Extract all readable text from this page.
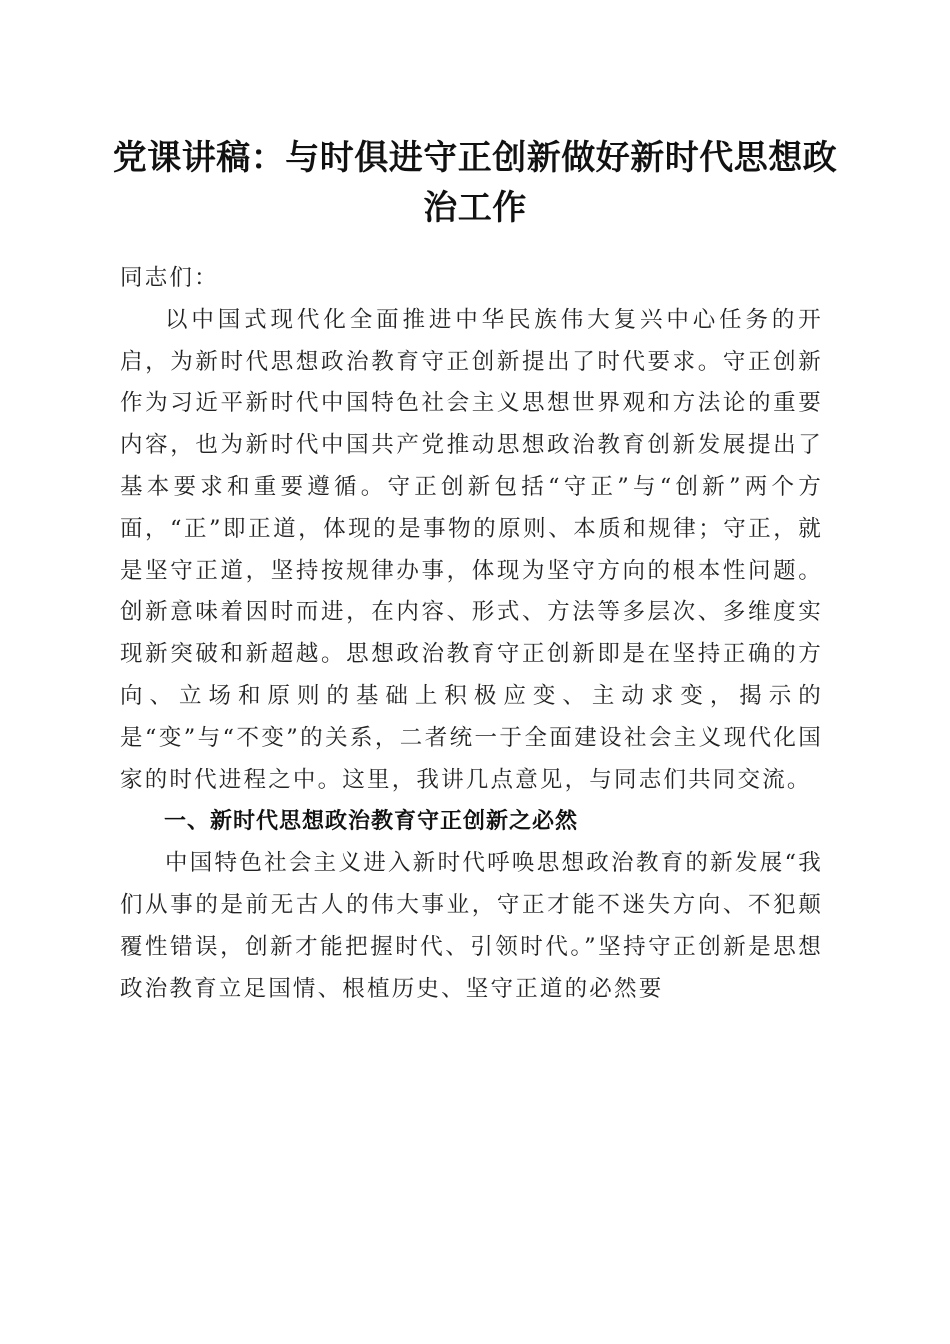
党课讲稿：与时俱进守正创新做好新时代思想政治工作

同志们：

以中国式现代化全面推进中华民族伟大复兴中心任务的开启，为新时代思想政治教育守正创新提出了时代要求。守正创新作为习近平新时代中国特色社会主义思想世界观和方法论的重要内容，也为新时代中国共产党推动思想政治教育创新发展提出了基本要求和重要遵循。守正创新包括“守正”与“创新”两个方面，“正”即正道，体现的是事物的原则、本质和规律；守正，就是坚守正道，坚持按规律办事，体现为坚守方向的根本性问题。创新意味着因时而进，在内容、形式、方法等多层次、多维度实现新突破和新超越。思想政治教育守正创新即是在坚持正确的方向、立场和原则的基础上积极应变、主动求变，揭示的是“变”与“不变”的关系，二者统一于全面建设社会主义现代化国家的时代进程之中。这里，我讲几点意见，与同志们共同交流。

一、新时代思想政治教育守正创新之必然

中国特色社会主义进入新时代呼唤思想政治教育的新发展“我们从事的是前无古人的伟大事业，守正才能不迷失方向、不犯颠覆性错误，创新才能把握时代、引领时代。”坚持守正创新是思想政治教育立足国情、根植历史、坚守正道的必然要
